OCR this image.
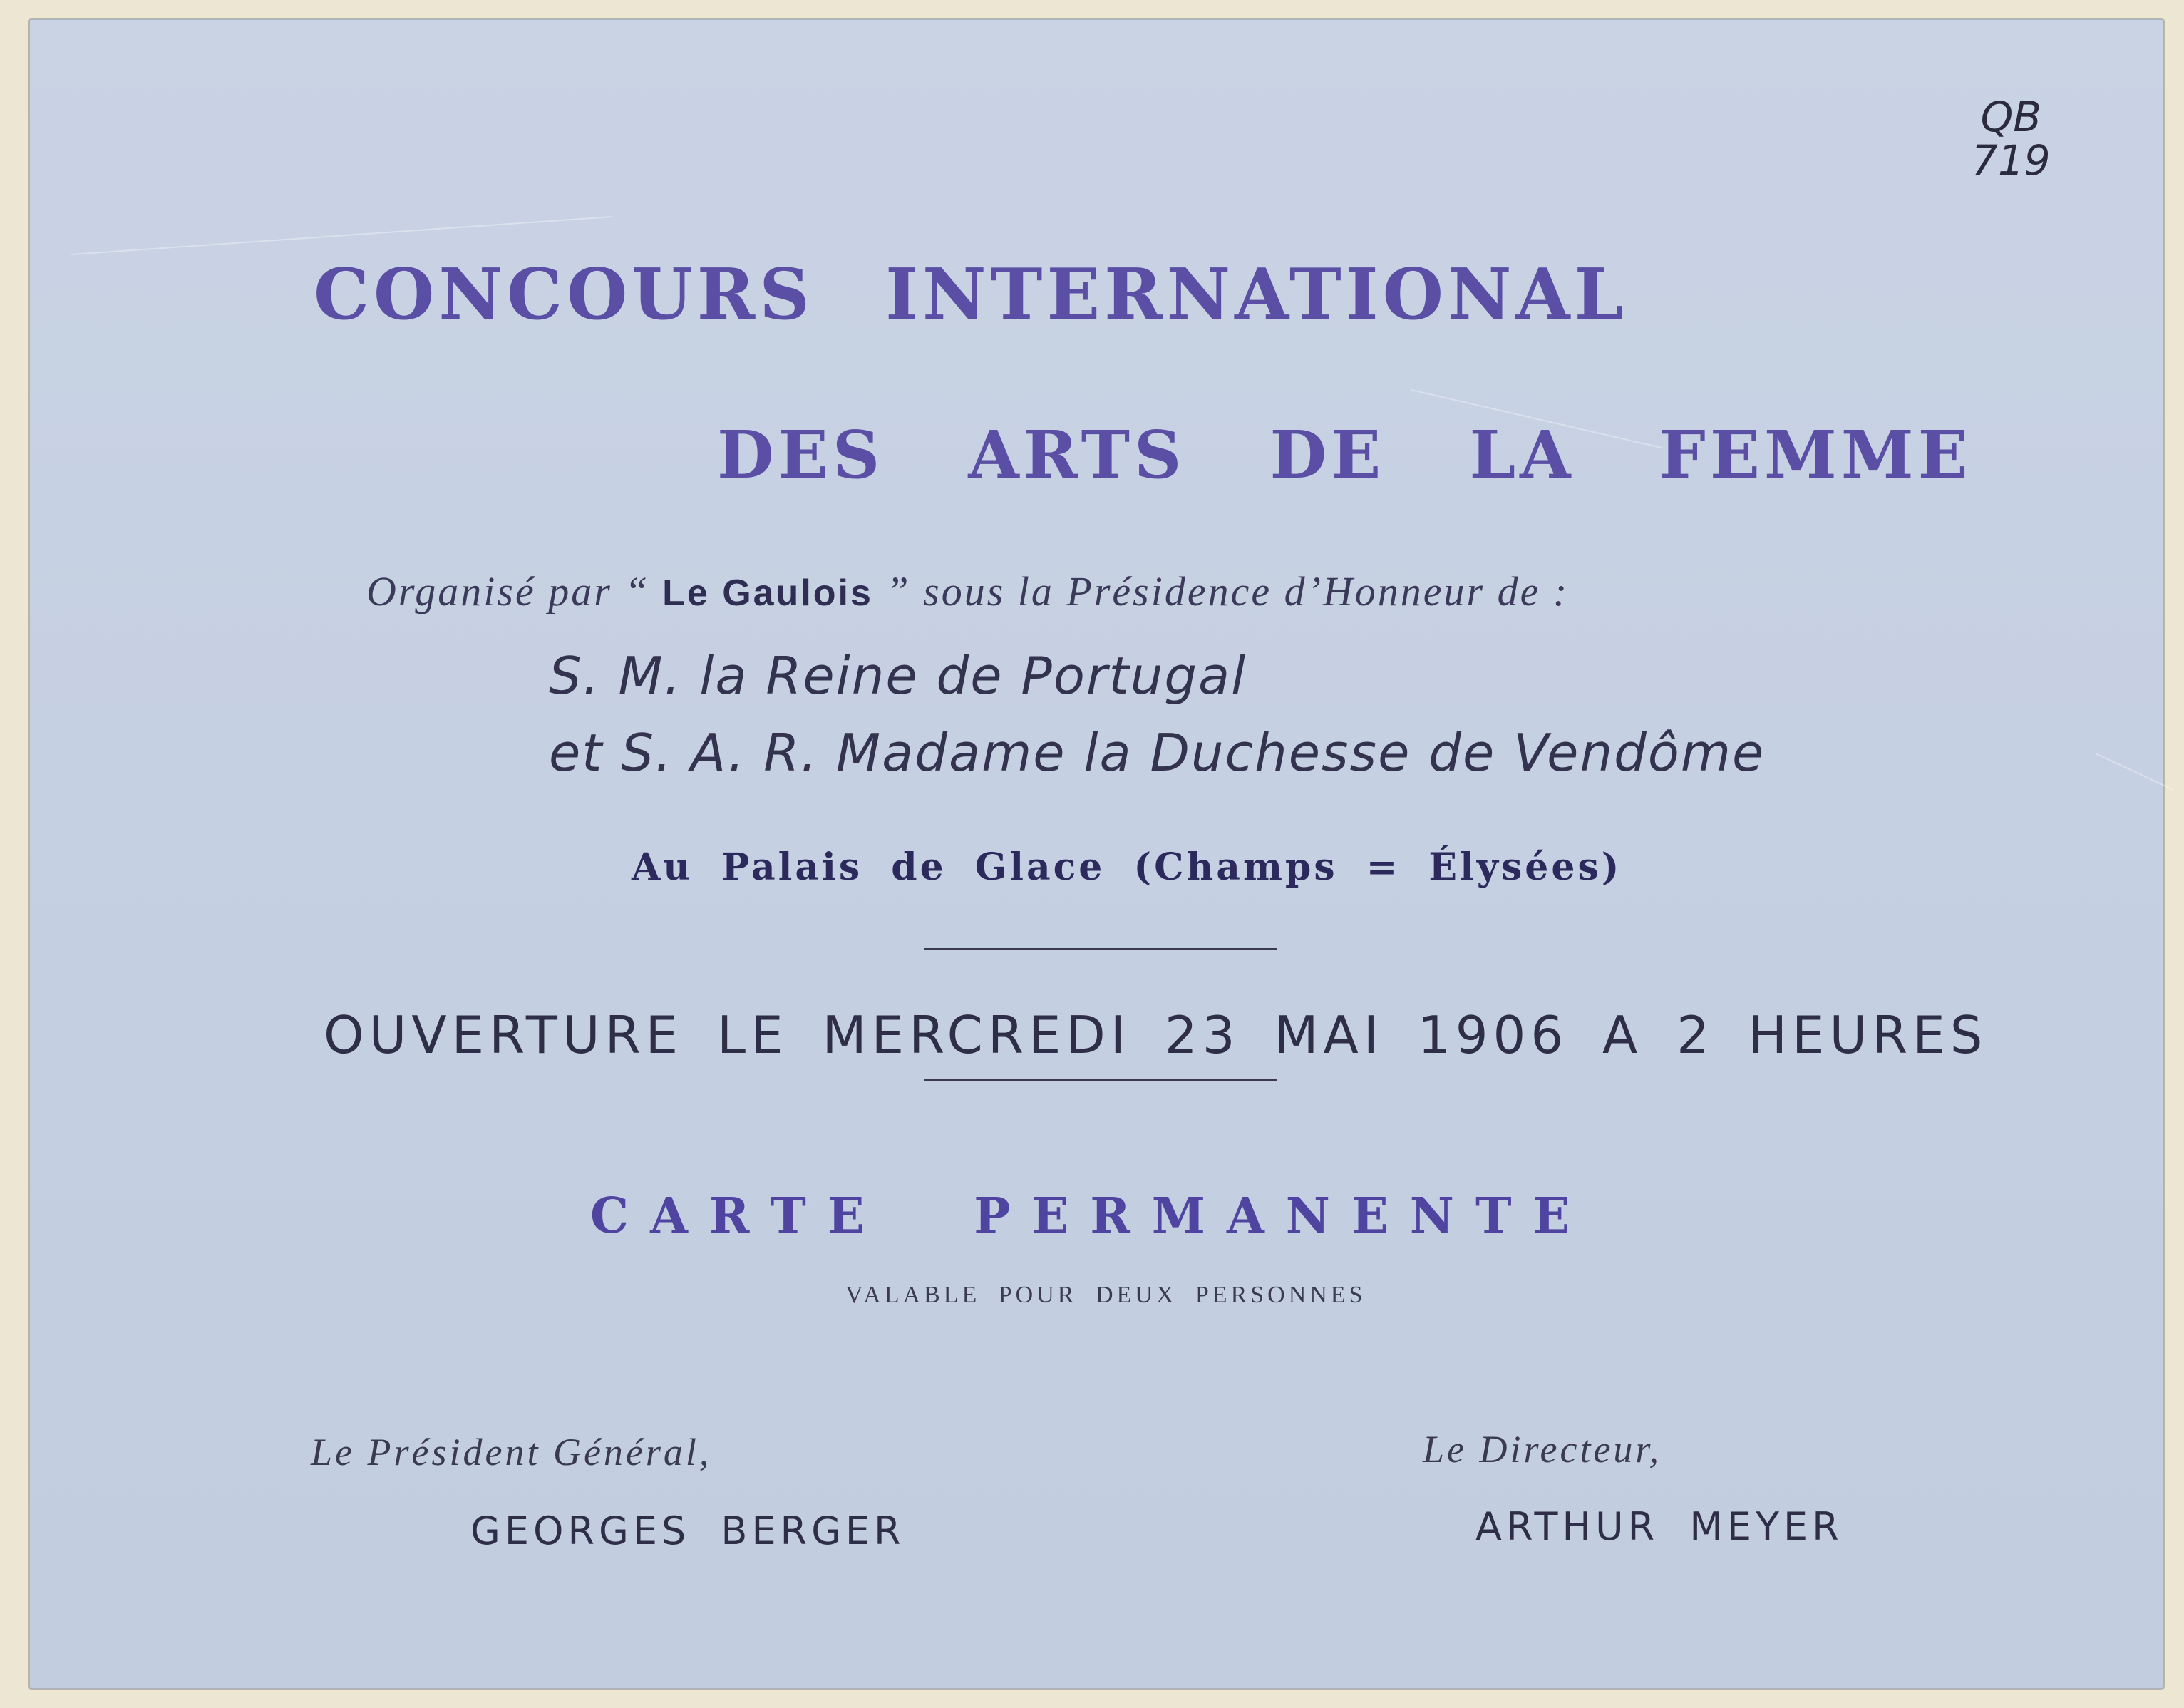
QB
719
CONCOURS INTERNATIONAL
DES ARTS DE LA FEMME
Organisé par “ Le Gaulois ” sous la Présidence d’Honneur de :
S. M. la Reine de Portugal
et S. A. R. Madame la Duchesse de Vendôme
Au Palais de Glace (Champs = Élysées)
OUVERTURE LE MERCREDI 23 MAI 1906 A 2 HEURES
CARTE PERMANENTE
VALABLE POUR DEUX PERSONNES
Le Président Général,
GEORGES BERGER
Le Directeur,
ARTHUR MEYER
